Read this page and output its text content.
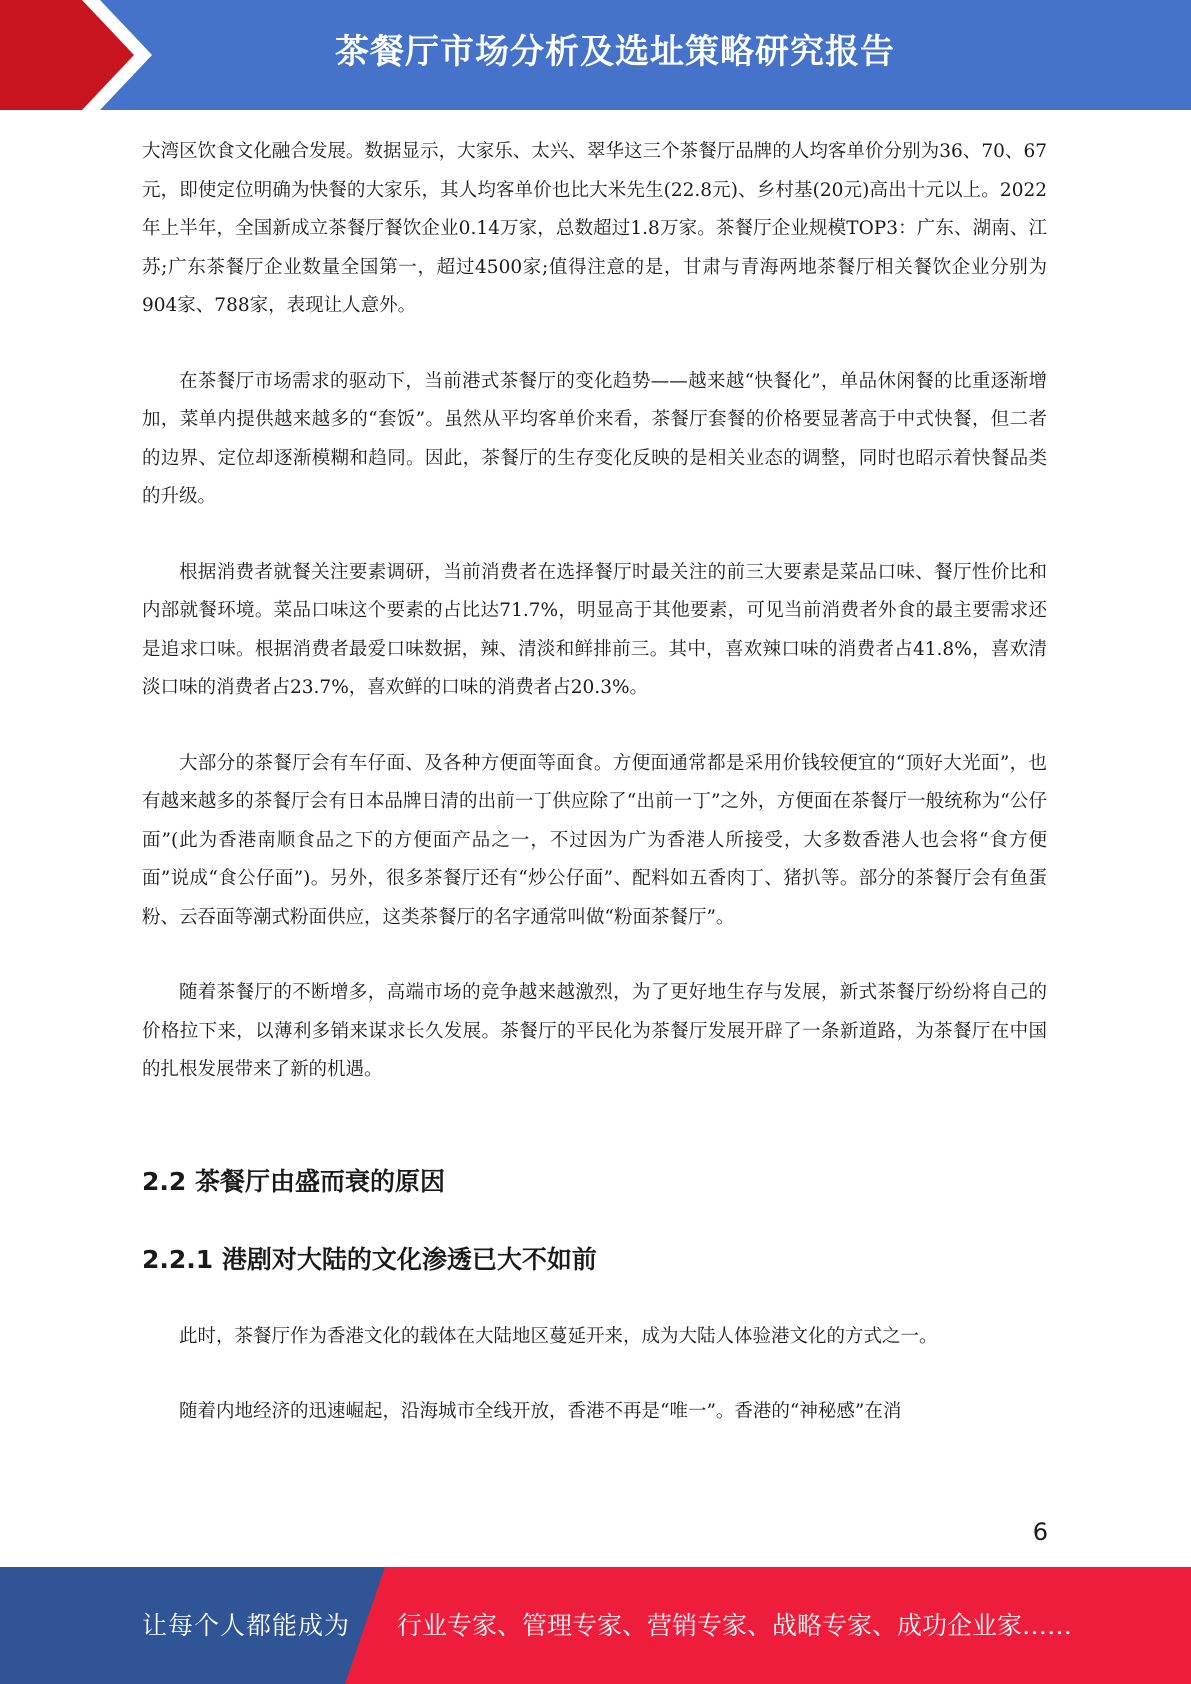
茶餐厅市场分析及选址策略研究报告

大湾区饮食文化融合发展。数据显示，大家乐、太兴、翠华这三个茶餐厅品牌的人均客单价分别为36、70、67元，即使定位明确为快餐的大家乐，其人均客单价也比大米先生(22.8元)、乡村基(20元)高出十元以上。2022年上半年，全国新成立茶餐厅餐饮企业0.14万家，总数超过1.8万家。茶餐厅企业规模TOP3：广东、湖南、江苏;广东茶餐厅企业数量全国第一，超过4500家;值得注意的是，甘肃与青海两地茶餐厅相关餐饮企业分别为904家、788家，表现让人意外。

在茶餐厅市场需求的驱动下，当前港式茶餐厅的变化趋势——越来越“快餐化”，单品休闲餐的比重逐渐增加，菜单内提供越来越多的“套饭”。虽然从平均客单价来看，茶餐厅套餐的价格要显著高于中式快餐，但二者的边界、定位却逐渐模糊和趋同。因此，茶餐厅的生存变化反映的是相关业态的调整，同时也昭示着快餐品类的升级。

根据消费者就餐关注要素调研，当前消费者在选择餐厅时最关注的前三大要素是菜品口味、餐厅性价比和内部就餐环境。菜品口味这个要素的占比达71.7%，明显高于其他要素，可见当前消费者外食的最主要需求还是追求口味。根据消费者最爱口味数据，辣、清淡和鲜排前三。其中，喜欢辣口味的消费者占41.8%，喜欢清淡口味的消费者占23.7%，喜欢鲜的口味的消费者占20.3%。

大部分的茶餐厅会有车仔面、及各种方便面等面食。方便面通常都是采用价钱较便宜的“顶好大光面”，也有越来越多的茶餐厅会有日本品牌日清的出前一丁供应除了“出前一丁”之外，方便面在茶餐厅一般统称为“公仔面”(此为香港南顺食品之下的方便面产品之一，不过因为广为香港人所接受，大多数香港人也会将“食方便面”说成“食公仔面”)。另外，很多茶餐厅还有“炒公仔面”、配料如五香肉丁、猪扒等。部分的茶餐厅会有鱼蛋粉、云吞面等潮式粉面供应，这类茶餐厅的名字通常叫做“粉面茶餐厅”。

随着茶餐厅的不断增多，高端市场的竞争越来越激烈，为了更好地生存与发展，新式茶餐厅纷纷将自己的价格拉下来，以薄利多销来谋求长久发展。茶餐厅的平民化为茶餐厅发展开辟了一条新道路，为茶餐厅在中国的扎根发展带来了新的机遇。

2.2 茶餐厅由盛而衰的原因
2.2.1 港剧对大陆的文化渗透已大不如前

此时，茶餐厅作为香港文化的载体在大陆地区蔓延开来，成为大陆人体验港文化的方式之一。

随着内地经济的迅速崛起，沿海城市全线开放，香港不再是“唯一”。香港的“神秘感”在消

6
让每个人都能成为 行业专家、管理专家、营销专家、战略专家、成功企业家……
